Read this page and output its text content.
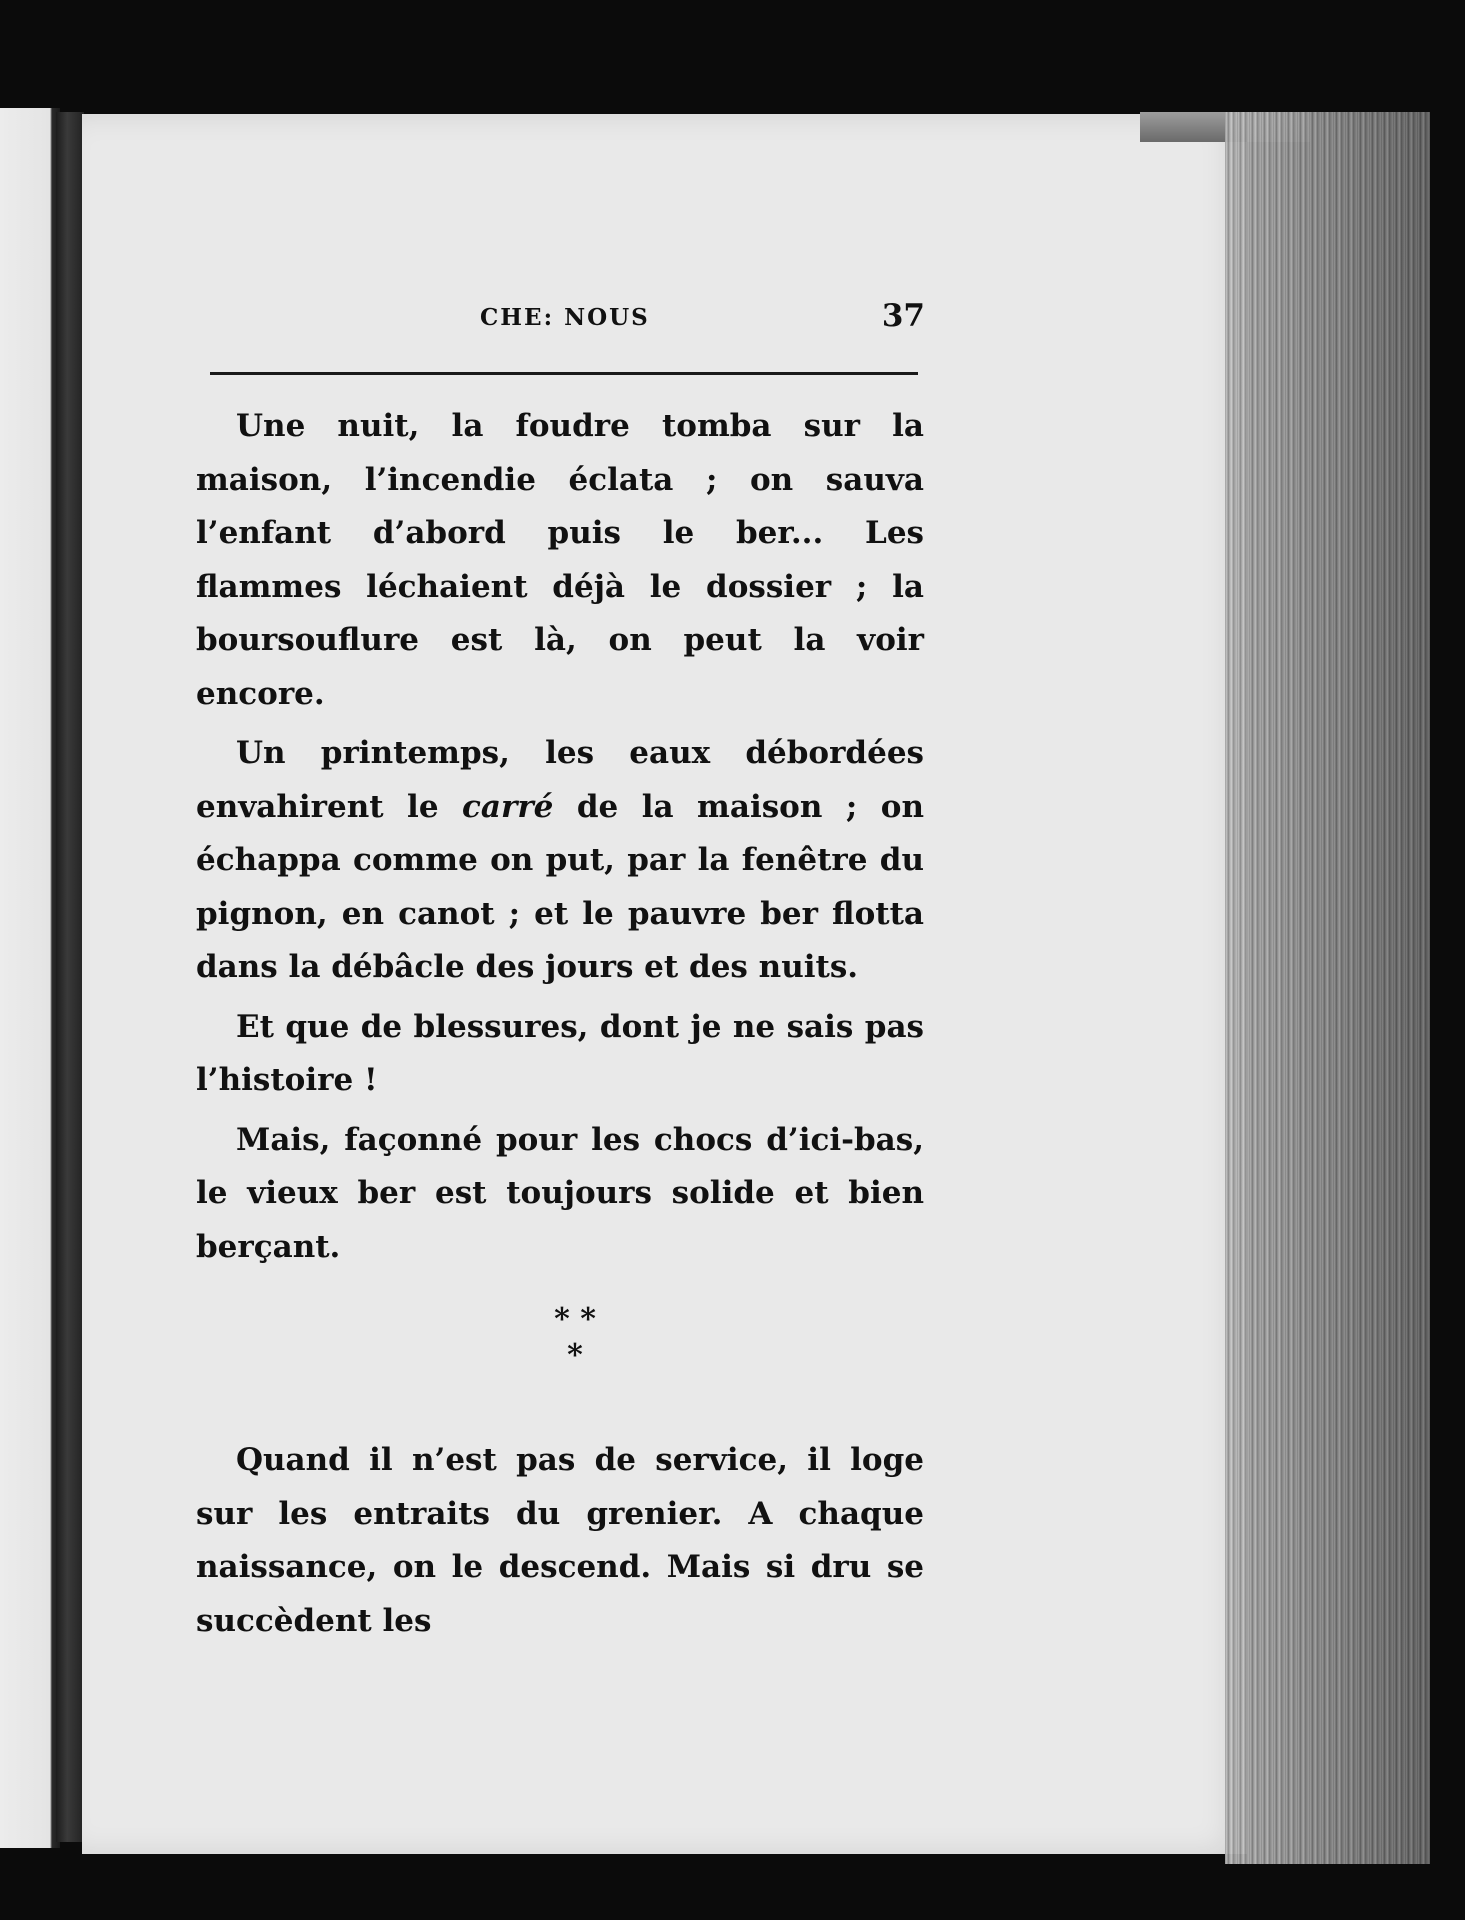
CHE: NOUS	37

Une nuit, la foudre tomba sur la maison, l’incendie éclata ; on sauva l’enfant d’abord puis le ber... Les flammes léchaient déjà le dossier ; la boursouflure est là, on peut la voir encore.

Un printemps, les eaux débordées envahirent le carré de la maison ; on échappa comme on put, par la fenêtre du pignon, en canot ; et le pauvre ber flotta dans la débâcle des jours et des nuits.

Et que de blessures, dont je ne sais pas l’histoire !

Mais, façonné pour les chocs d’ici-bas, le vieux ber est toujours solide et bien berçant.

* *
*

Quand il n’est pas de service, il loge sur les entraits du grenier. A chaque naissance, on le descend. Mais si dru se succèdent les
